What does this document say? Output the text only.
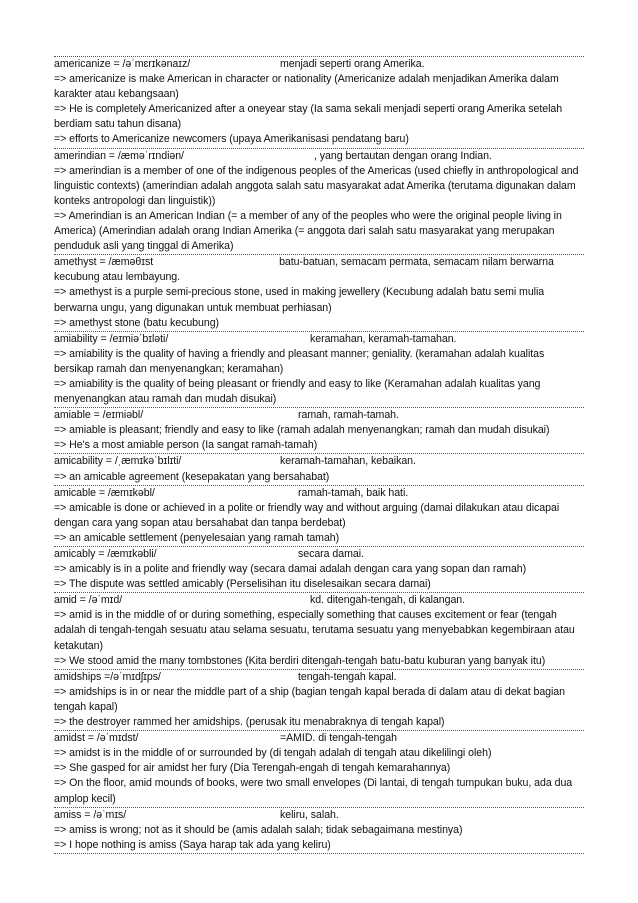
americanize = /əˈmɛrɪkənaɪz/	menjadi seperti orang Amerika.
=> americanize is make American in character or nationality (Americanize adalah menjadikan Amerika dalam karakter atau kebangsaan)
=> He is completely Americanized after a oneyear stay (Ia sama sekali menjadi seperti orang Amerika setelah berdiam satu tahun disana)
=> efforts to Americanize newcomers (upaya Amerikanisasi pendatang baru)
amerindian = /æməˈrɪndiən/	, yang bertautan dengan orang Indian.
=> amerindian is a member of one of the indigenous peoples of the Americas (used chiefly in anthropological and linguistic contexts) (amerindian adalah anggota salah satu masyarakat adat Amerika (terutama digunakan dalam konteks antropologi dan linguistik))
=> Amerindian is an American Indian (= a member of any of the peoples who were the original people living in America) (Amerindian adalah orang Indian Amerika (= anggota dari salah satu masyarakat yang merupakan penduduk asli yang tinggal di Amerika)
amethyst = /æməθɪst	batu-batuan, semacam permata, semacam nilam berwarna kecubung atau lembayung.
=> amethyst is a purple semi-precious stone, used in making jewellery (Kecubung adalah batu semi mulia berwarna ungu, yang digunakan untuk membuat perhiasan)
=> amethyst stone (batu kecubung)
amiability = /eɪmiəˈbɪləti/	keramahan, keramah-tamahan.
=> amiability is the quality of having a friendly and pleasant manner; geniality. (keramahan adalah kualitas bersikap ramah dan menyenangkan; keramahan)
=> amiability is the quality of being pleasant or friendly and easy to like (Keramahan adalah kualitas yang menyenangkan atau ramah dan mudah disukai)
amiable = /eɪmiəbl/	ramah, ramah-tamah.
=> amiable is pleasant; friendly and easy to like (ramah adalah menyenangkan; ramah dan mudah disukai)
=> He's a most amiable person (Ia sangat ramah-tamah)
amicability = /ˌæmɪkəˈbɪlɪti/	keramah-tamahan, kebaikan.
=> an amicable agreement (kesepakatan yang bersahabat)
amicable = /æmɪkəbl/	ramah-tamah, baik hati.
=> amicable is done or achieved in a polite or friendly way and without arguing (damai dilakukan atau dicapai dengan cara yang sopan atau bersahabat dan tanpa berdebat)
=> an amicable settlement (penyelesaian yang ramah tamah)
amicably = /æmɪkəbli/	secara damai.
=> amicably is in a polite and friendly way (secara damai adalah dengan cara yang sopan dan ramah)
=> The dispute was settled amicably (Perselisihan itu diselesaikan secara damai)
amid = /əˈmɪd/	kd. ditengah-tengah, di kalangan.
=> amid is in the middle of or during something, especially something that causes excitement or fear (tengah adalah di tengah-tengah sesuatu atau selama sesuatu, terutama sesuatu yang menyebabkan kegembiraan atau ketakutan)
=> We stood amid the many tombstones (Kita berdiri ditengah-tengah batu-batu kuburan yang banyak itu)
amidships =/əˈmɪdʃɪps/	tengah-tengah kapal.
=> amidships is in or near the middle part of a ship (bagian tengah kapal berada di dalam atau di dekat bagian tengah kapal)
=> the destroyer rammed her amidships. (perusak itu menabraknya di tengah kapal)
amidst = /əˈmɪdst/	=AMID. di tengah-tengah
=> amidst is in the middle of or surrounded by (di tengah adalah di tengah atau dikelilingi oleh)
=> She gasped for air amidst her fury (Dia Terengah-engah di tengah kemarahannya)
=> On the floor, amid mounds of books, were two small envelopes (Di lantai, di tengah tumpukan buku, ada dua amplop kecil)
amiss = /əˈmɪs/	keliru, salah.
=> amiss is wrong; not as it should be (amis adalah salah; tidak sebagaimana mestinya)
=> I hope nothing is amiss (Saya harap tak ada yang keliru)
